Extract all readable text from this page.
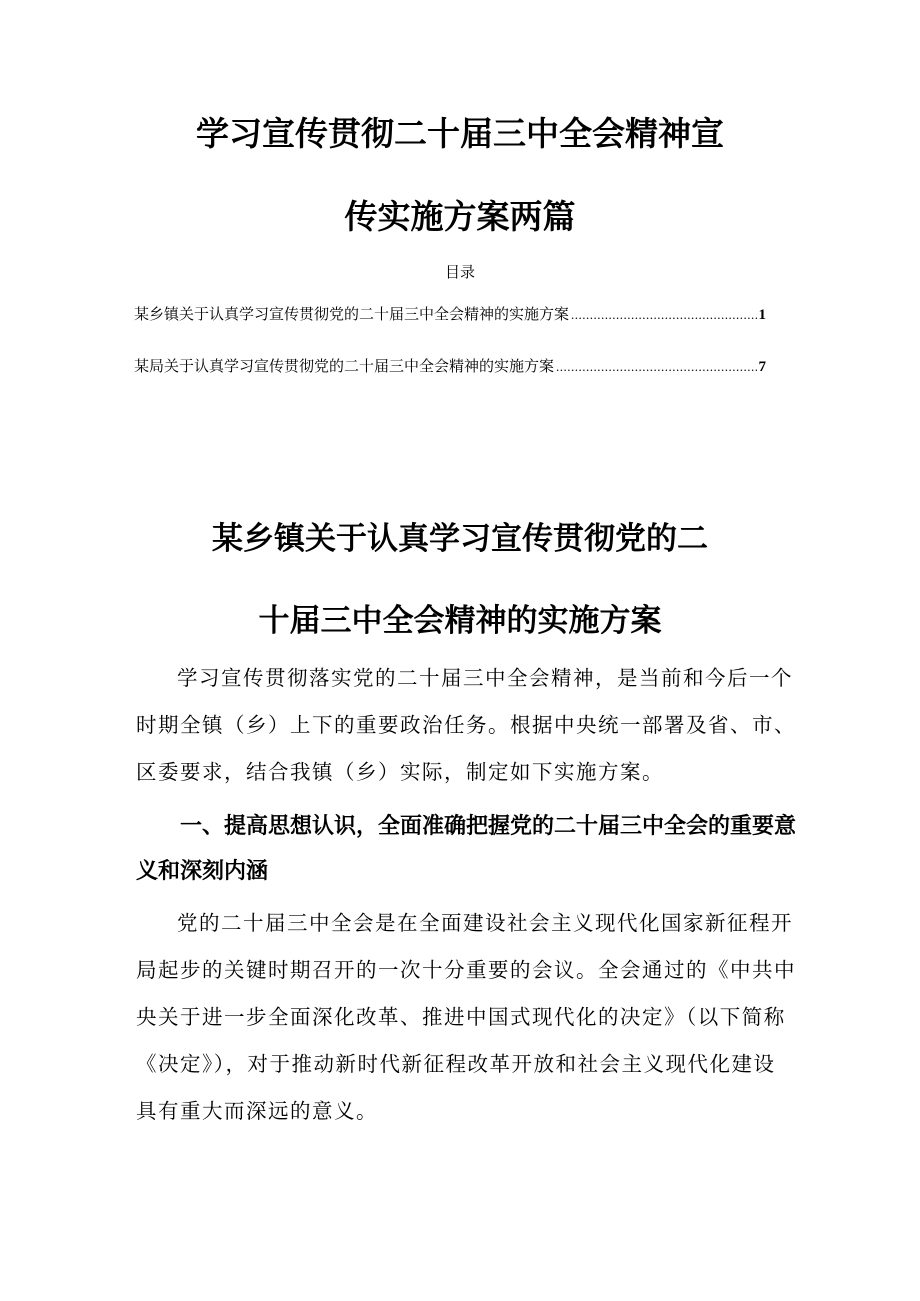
学习宣传贯彻二十届三中全会精神宣
传实施方案两篇
目录
某乡镇关于认真学习宣传贯彻党的二十届三中全会精神的实施方案 .....	1
某局关于认真学习宣传贯彻党的二十届三中全会精神的实施方案 .....	7
某乡镇关于认真学习宣传贯彻党的二
十届三中全会精神的实施方案

学习宣传贯彻落实党的二十届三中全会精神，是当前和今后一个时期全镇（乡）上下的重要政治任务。根据中央统一部署及省、市、区委要求，结合我镇（乡）实际，制定如下实施方案。

一、提高思想认识，全面准确把握党的二十届三中全会的重要意义和深刻内涵

党的二十届三中全会是在全面建设社会主义现代化国家新征程开局起步的关键时期召开的一次十分重要的会议。全会通过的《中共中央关于进一步全面深化改革、推进中国式现代化的决定》（以下简称《决定》），对于推动新时代新征程改革开放和社会主义现代化建设具有重大而深远的意义。
